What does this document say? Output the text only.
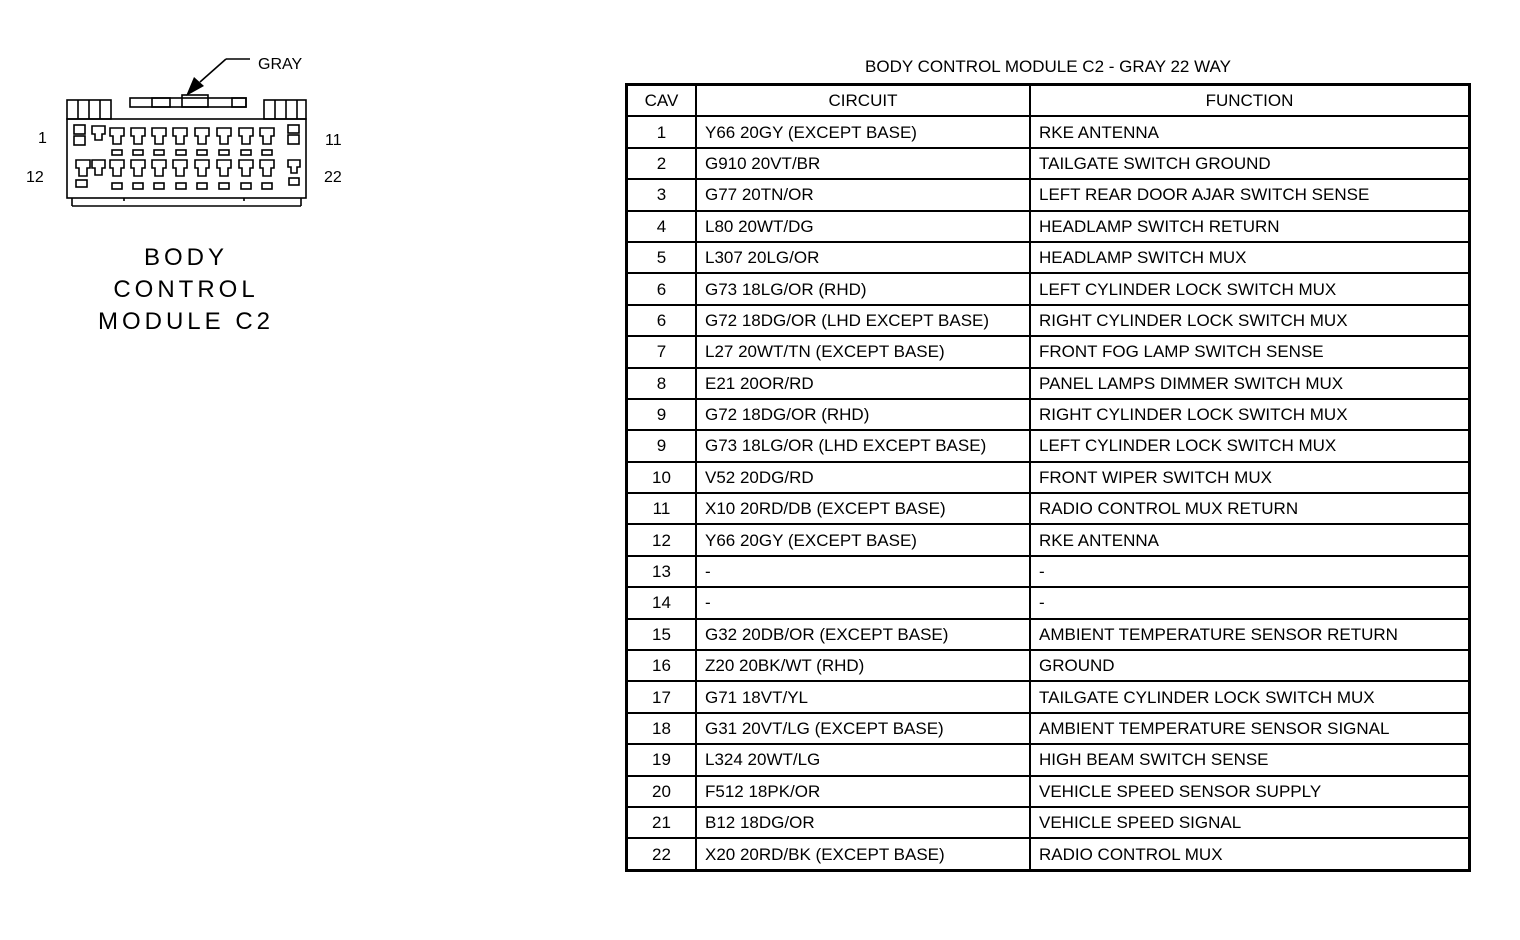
GRAY
1	11
12	22
BODY
CONTROL
MODULE C2
BODY CONTROL MODULE C2 - GRAY 22 WAY
CAV	CIRCUIT	FUNCTION
1	Y66 20GY (EXCEPT BASE)	RKE ANTENNA
2	G910 20VT/BR	TAILGATE SWITCH GROUND
3	G77 20TN/OR	LEFT REAR DOOR AJAR SWITCH SENSE
4	L80 20WT/DG	HEADLAMP SWITCH RETURN
5	L307 20LG/OR	HEADLAMP SWITCH MUX
6	G73 18LG/OR (RHD)	LEFT CYLINDER LOCK SWITCH MUX
6	G72 18DG/OR (LHD EXCEPT BASE)	RIGHT CYLINDER LOCK SWITCH MUX
7	L27 20WT/TN (EXCEPT BASE)	FRONT FOG LAMP SWITCH SENSE
8	E21 20OR/RD	PANEL LAMPS DIMMER SWITCH MUX
9	G72 18DG/OR (RHD)	RIGHT CYLINDER LOCK SWITCH MUX
9	G73 18LG/OR (LHD EXCEPT BASE)	LEFT CYLINDER LOCK SWITCH MUX
10	V52 20DG/RD	FRONT WIPER SWITCH MUX
11	X10 20RD/DB (EXCEPT BASE)	RADIO CONTROL MUX RETURN
12	Y66 20GY (EXCEPT BASE)	RKE ANTENNA
13	-	-
14	-	-
15	G32 20DB/OR (EXCEPT BASE)	AMBIENT TEMPERATURE SENSOR RETURN
16	Z20 20BK/WT (RHD)	GROUND
17	G71 18VT/YL	TAILGATE CYLINDER LOCK SWITCH MUX
18	G31 20VT/LG (EXCEPT BASE)	AMBIENT TEMPERATURE SENSOR SIGNAL
19	L324 20WT/LG	HIGH BEAM SWITCH SENSE
20	F512 18PK/OR	VEHICLE SPEED SENSOR SUPPLY
21	B12 18DG/OR	VEHICLE SPEED SIGNAL
22	X20 20RD/BK (EXCEPT BASE)	RADIO CONTROL MUX
